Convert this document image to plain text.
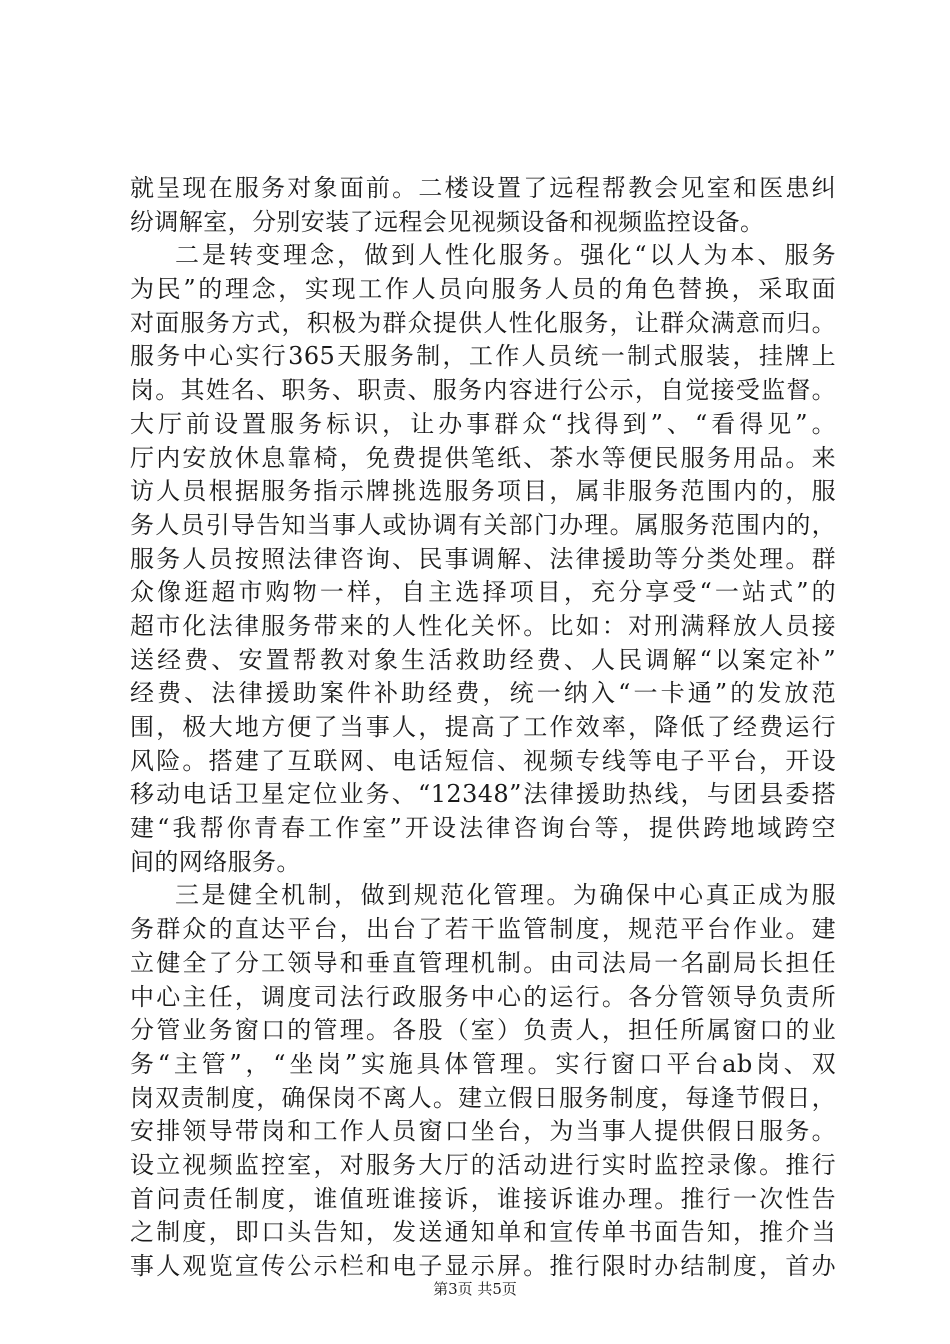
就呈现在服务对象面前。二楼设置了远程帮教会见室和医患纠
纷调解室，分别安装了远程会见视频设备和视频监控设备。
二是转变理念，做到人性化服务。强化“以人为本、服务
为民”的理念，实现工作人员向服务人员的角色替换，采取面
对面服务方式，积极为群众提供人性化服务，让群众满意而归。
服务中心实行365天服务制，工作人员统一制式服装，挂牌上
岗。其姓名、职务、职责、服务内容进行公示，自觉接受监督。
大厅前设置服务标识，让办事群众“找得到”、“看得见”。
厅内安放休息靠椅，免费提供笔纸、茶水等便民服务用品。来
访人员根据服务指示牌挑选服务项目，属非服务范围内的，服
务人员引导告知当事人或协调有关部门办理。属服务范围内的，
服务人员按照法律咨询、民事调解、法律援助等分类处理。群
众像逛超市购物一样，自主选择项目，充分享受“一站式”的
超市化法律服务带来的人性化关怀。比如：对刑满释放人员接
送经费、安置帮教对象生活救助经费、人民调解“以案定补”
经费、法律援助案件补助经费，统一纳入“一卡通”的发放范
围，极大地方便了当事人，提高了工作效率，降低了经费运行
风险。搭建了互联网、电话短信、视频专线等电子平台，开设
移动电话卫星定位业务、“12348”法律援助热线，与团县委搭
建“我帮你青春工作室”开设法律咨询台等，提供跨地域跨空
间的网络服务。
三是健全机制，做到规范化管理。为确保中心真正成为服
务群众的直达平台，出台了若干监管制度，规范平台作业。建
立健全了分工领导和垂直管理机制。由司法局一名副局长担任
中心主任，调度司法行政服务中心的运行。各分管领导负责所
分管业务窗口的管理。各股（室）负责人，担任所属窗口的业
务“主管”，“坐岗”实施具体管理。实行窗口平台ab岗、双
岗双责制度，确保岗不离人。建立假日服务制度，每逢节假日，
安排领导带岗和工作人员窗口坐台，为当事人提供假日服务。
设立视频监控室，对服务大厅的活动进行实时监控录像。推行
首问责任制度，谁值班谁接诉，谁接诉谁办理。推行一次性告
之制度，即口头告知，发送通知单和宣传单书面告知，推介当
事人观览宣传公示栏和电子显示屏。推行限时办结制度，首办
第3页 共5页
